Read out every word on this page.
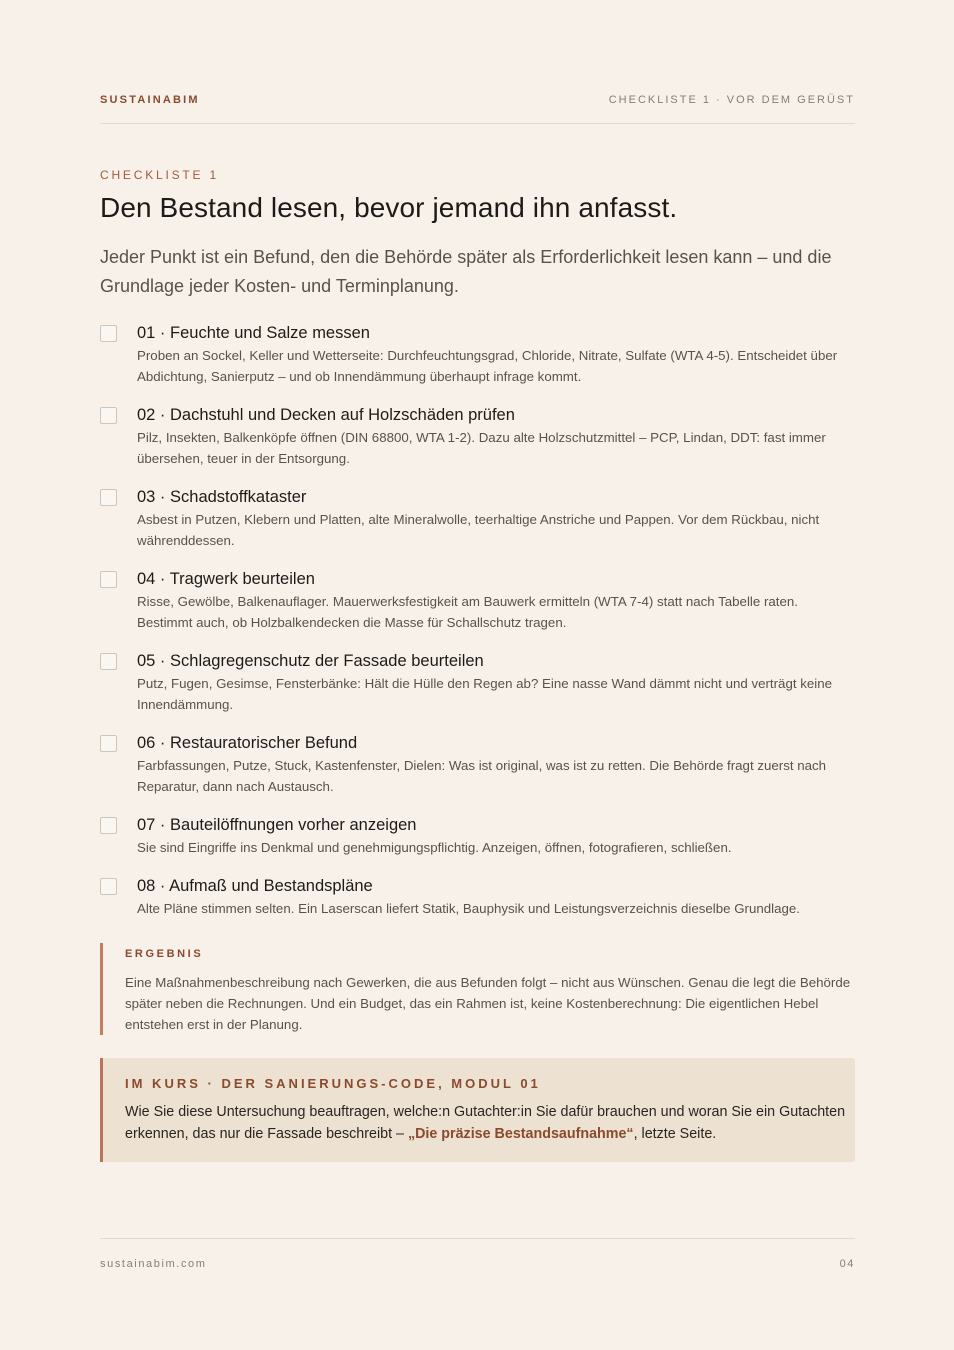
SUSTAINABIM	CHECKLISTE 1 · VOR DEM GERÜST
CHECKLISTE 1
Den Bestand lesen, bevor jemand ihn anfasst.

Jeder Punkt ist ein Befund, den die Behörde später als Erforderlichkeit lesen kann – und die Grundlage jeder Kosten- und Terminplanung.

01 · Feuchte und Salze messen
Proben an Sockel, Keller und Wetterseite: Durchfeuchtungsgrad, Chloride, Nitrate, Sulfate (WTA 4-5). Entscheidet über Abdichtung, Sanierputz – und ob Innendämmung überhaupt infrage kommt.
02 · Dachstuhl und Decken auf Holzschäden prüfen
Pilz, Insekten, Balkenköpfe öffnen (DIN 68800, WTA 1-2). Dazu alte Holzschutzmittel – PCP, Lindan, DDT: fast immer übersehen, teuer in der Entsorgung.
03 · Schadstoffkataster
Asbest in Putzen, Klebern und Platten, alte Mineralwolle, teerhaltige Anstriche und Pappen. Vor dem Rückbau, nicht währenddessen.
04 · Tragwerk beurteilen
Risse, Gewölbe, Balkenauflager. Mauerwerksfestigkeit am Bauwerk ermitteln (WTA 7-4) statt nach Tabelle raten. Bestimmt auch, ob Holzbalkendecken die Masse für Schallschutz tragen.
05 · Schlagregenschutz der Fassade beurteilen
Putz, Fugen, Gesimse, Fensterbänke: Hält die Hülle den Regen ab? Eine nasse Wand dämmt nicht und verträgt keine Innendämmung.
06 · Restauratorischer Befund
Farbfassungen, Putze, Stuck, Kastenfenster, Dielen: Was ist original, was ist zu retten. Die Behörde fragt zuerst nach Reparatur, dann nach Austausch.
07 · Bauteilöffnungen vorher anzeigen
Sie sind Eingriffe ins Denkmal und genehmigungspflichtig. Anzeigen, öffnen, fotografieren, schließen.
08 · Aufmaß und Bestandspläne
Alte Pläne stimmen selten. Ein Laserscan liefert Statik, Bauphysik und Leistungsverzeichnis dieselbe Grundlage.
ERGEBNIS
Eine Maßnahmenbeschreibung nach Gewerken, die aus Befunden folgt – nicht aus Wünschen. Genau die legt die Behörde später neben die Rechnungen. Und ein Budget, das ein Rahmen ist, keine Kostenberechnung: Die eigentlichen Hebel entstehen erst in der Planung.
IM KURS · DER SANIERUNGS-CODE, MODUL 01
Wie Sie diese Untersuchung beauftragen, welche:n Gutachter:in Sie dafür brauchen und woran Sie ein Gutachten erkennen, das nur die Fassade beschreibt – „Die präzise Bestandsaufnahme“, letzte Seite.
sustainabim.com	04
